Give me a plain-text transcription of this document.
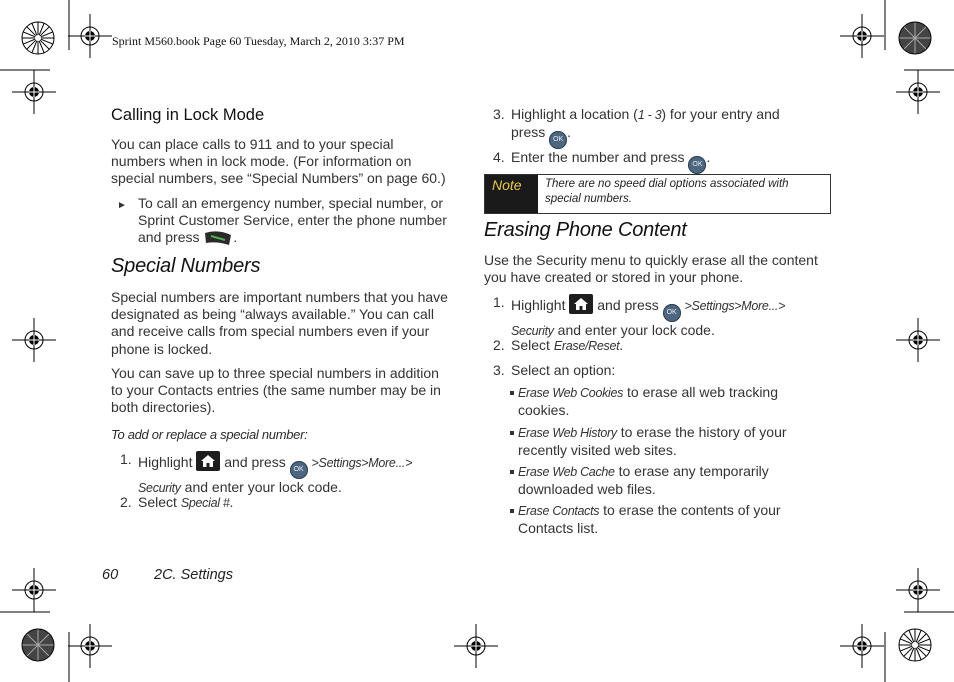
Sprint M560.book Page 60 Tuesday, March 2, 2010 3:37 PM
Calling in Lock Mode
You can place calls to 911 and to your special
numbers when in lock mode. (For information on
special numbers, see “Special Numbers” on page 60.)
► To call an emergency number, special number, or
Sprint Customer Service, enter the phone number
and press .
Special Numbers
Special numbers are important numbers that you have
designated as being “always available.” You can call
and receive calls from special numbers even if your
phone is locked.
You can save up to three special numbers in addition
to your Contacts entries (the same number may be in
both directories).
To add or replace a special number:
1. Highlight and press OK >Settings>More...>
Security and enter your lock code.
2. Select Special #.
3. Highlight a location (1 - 3) for your entry and
press OK .
4. Enter the number and press OK .
Note	There are no speed dial options associated with
special numbers.
Erasing Phone Content
Use the Security menu to quickly erase all the content
you have created or stored in your phone.
1. Highlight and press OK >Settings>More...>
Security and enter your lock code.
2. Select Erase/Reset.
3. Select an option:
Erase Web Cookies to erase all web tracking
cookies.
Erase Web History to erase the history of your
recently visited web sites.
Erase Web Cache to erase any temporarily
downloaded web files.
Erase Contacts to erase the contents of your
Contacts list.
60 2C. Settings
